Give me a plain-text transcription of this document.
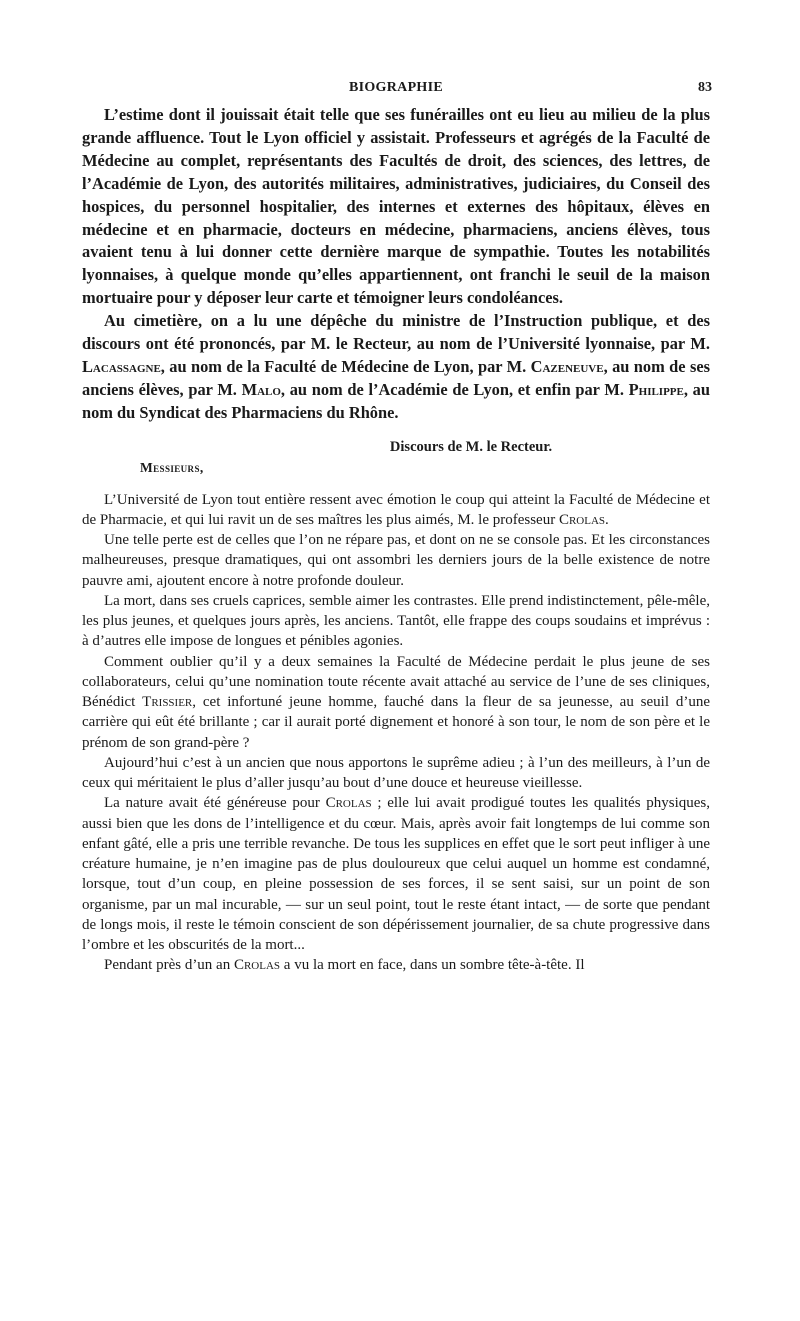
BIOGRAPHIE	83

L’estime dont il jouissait était telle que ses funérailles ont eu lieu au milieu de la plus grande affluence. Tout le Lyon officiel y assistait. Professeurs et agrégés de la Faculté de Médecine au complet, représentants des Facultés de droit, des sciences, des lettres, de l’Académie de Lyon, des autorités militaires, administratives, judiciaires, du Conseil des hospices, du personnel hospitalier, des internes et externes des hôpitaux, élèves en médecine et en pharmacie, docteurs en médecine, pharmaciens, anciens élèves, tous avaient tenu à lui donner cette dernière marque de sympathie. Toutes les notabilités lyonnaises, à quelque monde qu’elles appartiennent, ont franchi le seuil de la maison mortuaire pour y déposer leur carte et témoigner leurs condoléances.

Au cimetière, on a lu une dépêche du ministre de l’Instruction publique, et des discours ont été prononcés, par M. le Recteur, au nom de l’Université lyonnaise, par M. Lacassagne, au nom de la Faculté de Médecine de Lyon, par M. Cazeneuve, au nom de ses anciens élèves, par M. Malo, au nom de l’Académie de Lyon, et enfin par M. Philippe, au nom du Syndicat des Pharmaciens du Rhône.

Discours de M. le Recteur.
Messieurs,

L’Université de Lyon tout entière ressent avec émotion le coup qui atteint la Faculté de Médecine et de Pharmacie, et qui lui ravit un de ses maîtres les plus aimés, M. le professeur Crolas.

Une telle perte est de celles que l’on ne répare pas, et dont on ne se console pas. Et les circonstances malheureuses, presque dramatiques, qui ont assombri les derniers jours de la belle existence de notre pauvre ami, ajoutent encore à notre profonde douleur.

La mort, dans ses cruels caprices, semble aimer les contrastes. Elle prend indistinctement, pêle-mêle, les plus jeunes, et quelques jours après, les anciens. Tantôt, elle frappe des coups soudains et imprévus : à d’autres elle impose de longues et pénibles agonies.

Comment oublier qu’il y a deux semaines la Faculté de Médecine perdait le plus jeune de ses collaborateurs, celui qu’une nomination toute récente avait attaché au service de l’une de ses cliniques, Bénédict Trissier, cet infortuné jeune homme, fauché dans la fleur de sa jeunesse, au seuil d’une carrière qui eût été brillante ; car il aurait porté dignement et honoré à son tour, le nom de son père et le prénom de son grand-père ?

Aujourd’hui c’est à un ancien que nous apportons le suprême adieu ; à l’un des meilleurs, à l’un de ceux qui méritaient le plus d’aller jusqu’au bout d’une douce et heureuse vieillesse.

La nature avait été généreuse pour Crolas ; elle lui avait prodigué toutes les qualités physiques, aussi bien que les dons de l’intelligence et du cœur. Mais, après avoir fait longtemps de lui comme son enfant gâté, elle a pris une terrible revanche. De tous les supplices en effet que le sort peut infliger à une créature humaine, je n’en imagine pas de plus douloureux que celui auquel un homme est condamné, lorsque, tout d’un coup, en pleine possession de ses forces, il se sent saisi, sur un point de son organisme, par un mal incurable, — sur un seul point, tout le reste étant intact, — de sorte que pendant de longs mois, il reste le témoin conscient de son dépérissement journalier, de sa chute progressive dans l’ombre et les obscurités de la mort...

Pendant près d’un an Crolas a vu la mort en face, dans un sombre tête-à-tête. Il
